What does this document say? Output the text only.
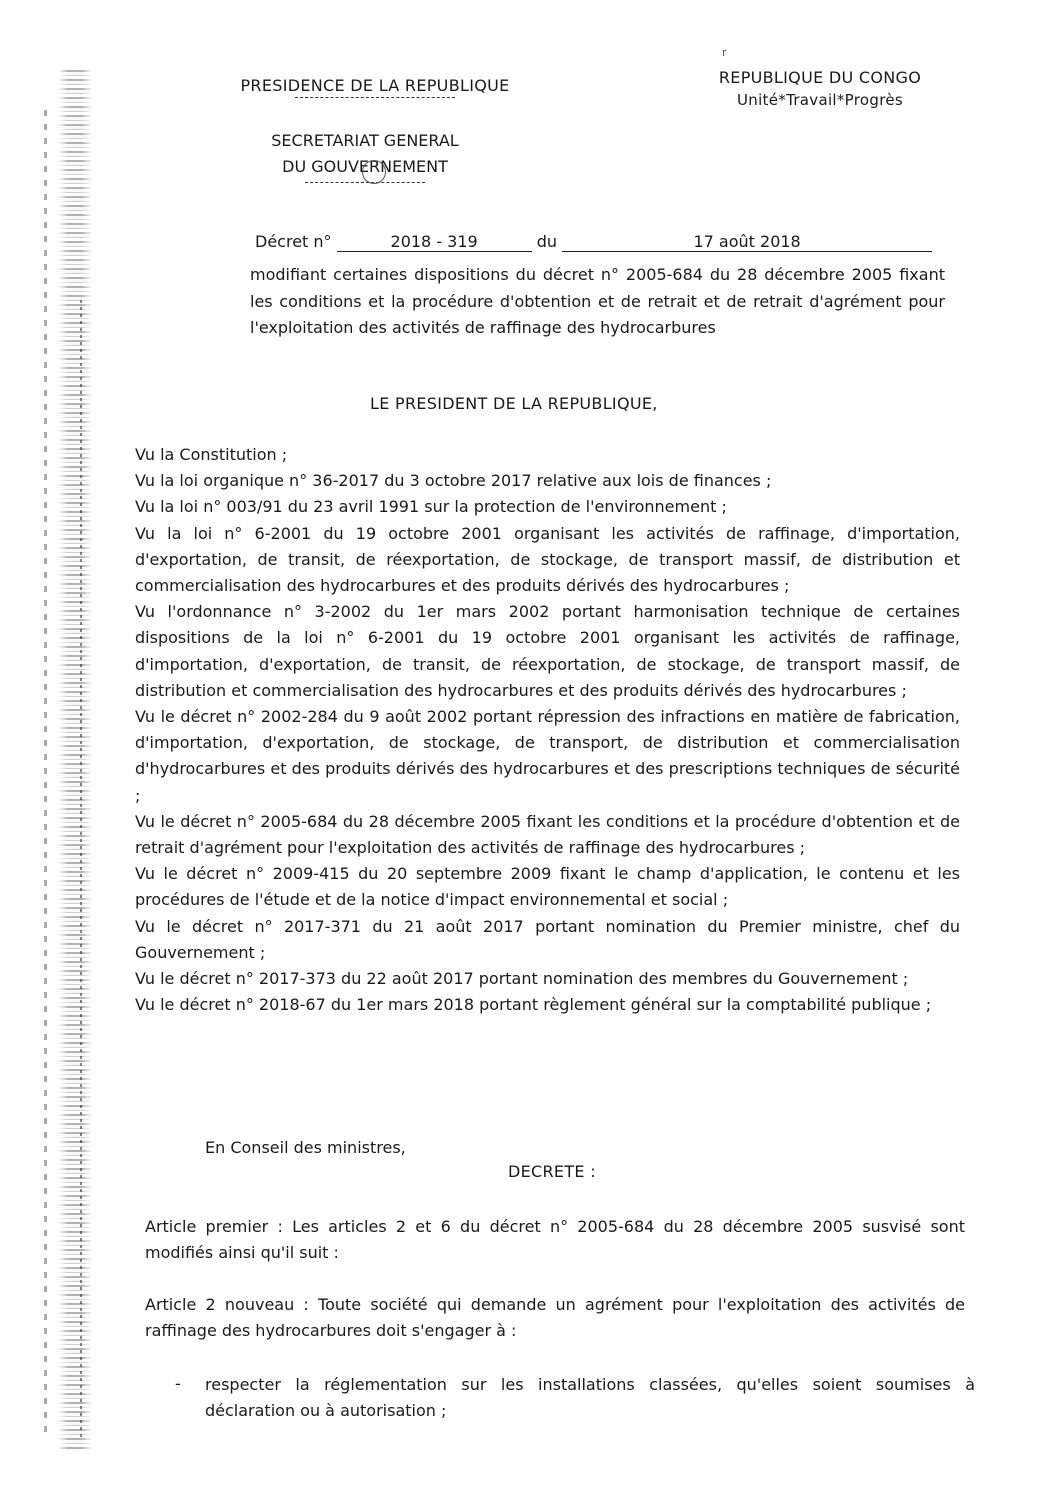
r
PRESIDENCE DE LA REPUBLIQUE
SECRETARIAT GENERAL
DU GOUVERNEMENT
REPUBLIQUE DU CONGO
Unité*Travail*Progrès
Décret n°	2018 - 319	du	17 août 2018
modifiant certaines dispositions du décret n° 2005-684 du 28 décembre 2005 fixant les conditions et la procédure d'obtention et de retrait et de retrait d'agrément pour l'exploitation des activités de raffinage des hydrocarbures
LE PRESIDENT DE LA REPUBLIQUE,

Vu la Constitution ;

Vu la loi organique n° 36-2017 du 3 octobre 2017 relative aux lois de finances ;

Vu la loi n° 003/91 du 23 avril 1991 sur la protection de l'environnement ;

Vu la loi n° 6-2001 du 19 octobre 2001 organisant les activités de raffinage, d'importation, d'exportation, de transit, de réexportation, de stockage, de transport massif, de distribution et commercialisation des hydrocarbures et des produits dérivés des hydrocarbures ;

Vu l'ordonnance n° 3-2002 du 1er mars 2002 portant harmonisation technique de certaines dispositions de la loi n° 6-2001 du 19 octobre 2001 organisant les activités de raffinage, d'importation, d'exportation, de transit, de réexportation, de stockage, de transport massif, de distribution et commercialisation des hydrocarbures et des produits dérivés des hydrocarbures ;

Vu le décret n° 2002-284 du 9 août 2002 portant répression des infractions en matière de fabrication, d'importation, d'exportation, de stockage, de transport, de distribution et commercialisation d'hydrocarbures et des produits dérivés des hydrocarbures et des prescriptions techniques de sécurité ;

Vu le décret n° 2005-684 du 28 décembre 2005 fixant les conditions et la procédure d'obtention et de retrait d'agrément pour l'exploitation des activités de raffinage des hydrocarbures ;

Vu le décret n° 2009-415 du 20 septembre 2009 fixant le champ d'application, le contenu et les procédures de l'étude et de la notice d'impact environnemental et social ;

Vu le décret n° 2017-371 du 21 août 2017 portant nomination du Premier ministre, chef du Gouvernement ;

Vu le décret n° 2017-373 du 22 août 2017 portant nomination des membres du Gouvernement ;

Vu le décret n° 2018-67 du 1er mars 2018 portant règlement général sur la comptabilité publique ;

En Conseil des ministres,
DECRETE :
Article premier : Les articles 2 et 6 du décret n° 2005-684 du 28 décembre 2005 susvisé sont modifiés ainsi qu'il suit :
Article 2 nouveau : Toute société qui demande un agrément pour l'exploitation des activités de raffinage des hydrocarbures doit s'engager à :
- respecter la réglementation sur les installations classées, qu'elles soient soumises à déclaration ou à autorisation ;
